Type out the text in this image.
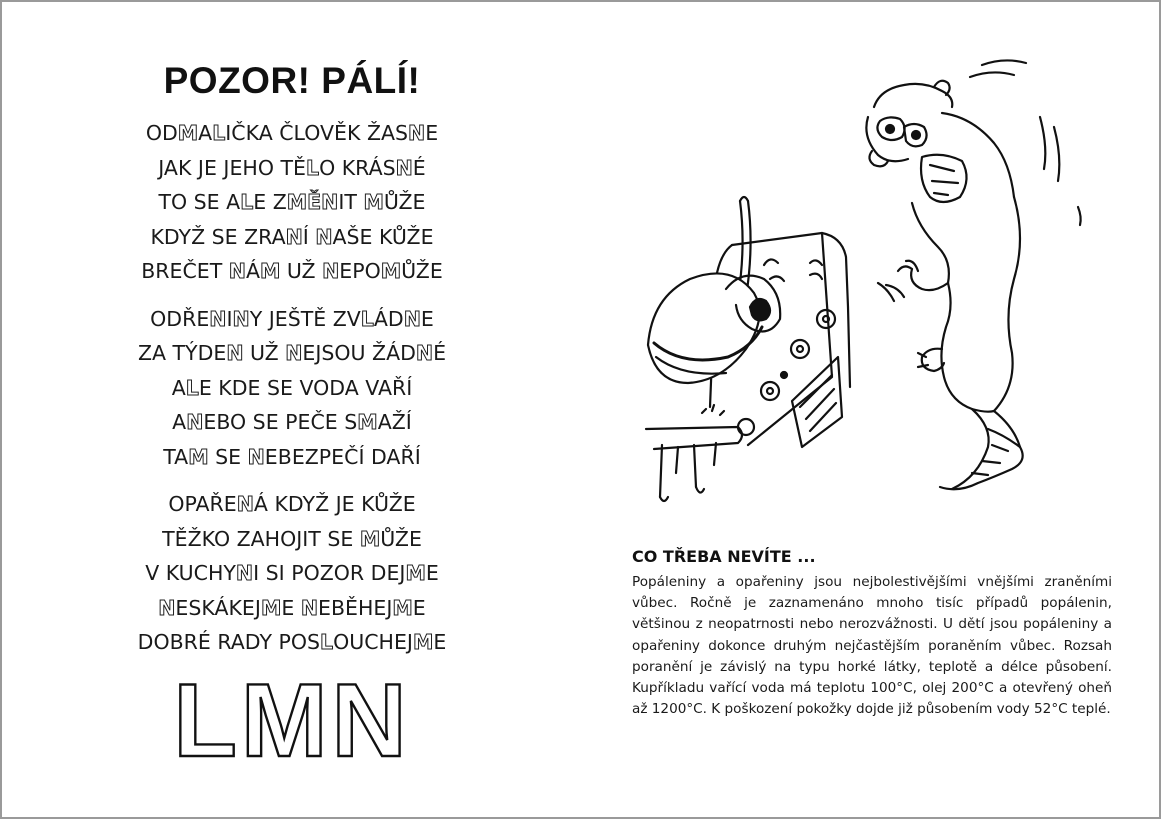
POZOR! PÁLÍ!
ODMALIČKA ČLOVĚK ŽASNE
JAK JE JEHO TĚLO KRÁSNÉ
TO SE ALE ZMĚNIT MŮŽE
KDYŽ SE ZRANÍ NAŠE KŮŽE
BREČET NÁM UŽ NEPOMŮŽE
ODŘENINY JEŠTĚ ZVLÁDNE
ZA TÝDEN UŽ NEJSOU ŽÁDNÉ
ALE KDE SE VODA VAŘÍ
ANEBO SE PEČE SMAŽÍ
TAM SE NEBEZPEČÍ DAŘÍ
OPAŘENÁ KDYŽ JE KŮŽE
TĚŽKO ZAHOJIT SE MŮŽE
V KUCHYNI SI POZOR DEJME
NESKÁKEJME NEBĚHEJME
DOBRÉ RADY POSLOUCHEJME
LMN
CO TŘEBA NEVÍTE ...

Popáleniny a opařeniny jsou nejbolestivějšími vnějšími zraněními vůbec. Ročně je zaznamenáno mnoho tisíc případů popálenin, většinou z neopatrnosti nebo nerozvážnosti. U dětí jsou popáleniny a opařeniny dokonce druhým nejčastějším poraněním vůbec. Rozsah poranění je závislý na typu horké látky, teplotě a délce působení. Kupříkladu vařící voda má teplotu 100°C, olej 200°C a otevřený oheň až 1200°C. K poškození pokožky dojde již působením vody 52°C teplé.
